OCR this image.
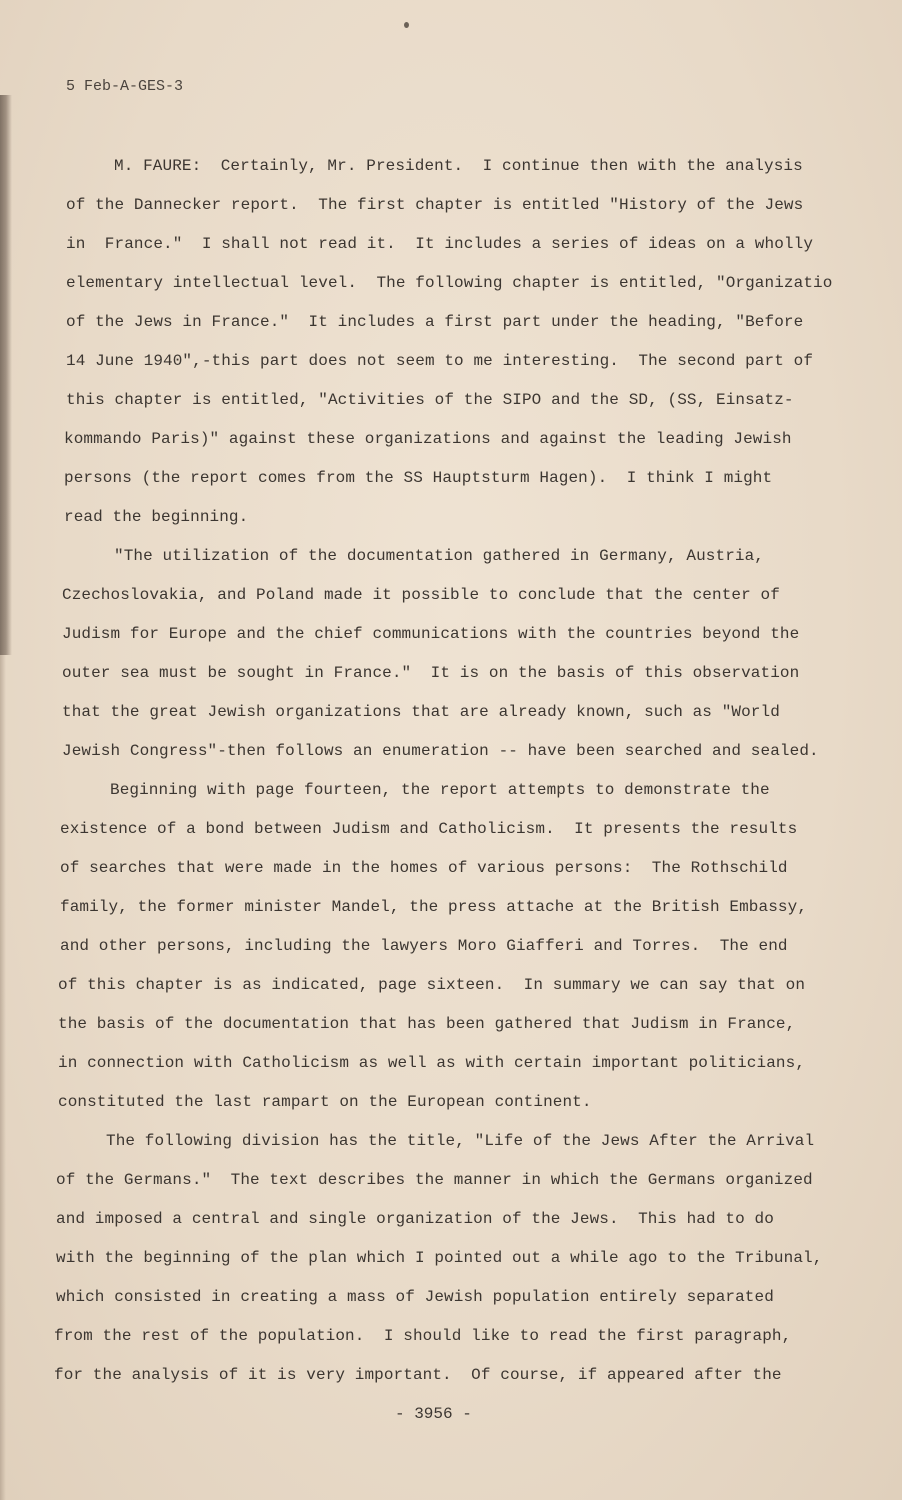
5 Feb-A-GES-3
M. FAURE:  Certainly, Mr. President.  I continue then with the analysis
of the Dannecker report.  The first chapter is entitled "History of the Jews
in  France."  I shall not read it.  It includes a series of ideas on a wholly
elementary intellectual level.  The following chapter is entitled, "Organizatio
of the Jews in France."  It includes a first part under the heading, "Before
14 June 1940",-this part does not seem to me interesting.  The second part of
this chapter is entitled, "Activities of the SIPO and the SD, (SS, Einsatz-
kommando Paris)" against these organizations and against the leading Jewish
persons (the report comes from the SS Hauptsturm Hagen).  I think I might
read the beginning.
"The utilization of the documentation gathered in Germany, Austria,
Czechoslovakia, and Poland made it possible to conclude that the center of
Judism for Europe and the chief communications with the countries beyond the
outer sea must be sought in France."  It is on the basis of this observation
that the great Jewish organizations that are already known, such as "World
Jewish Congress"-then follows an enumeration -- have been searched and sealed.
Beginning with page fourteen, the report attempts to demonstrate the
existence of a bond between Judism and Catholicism.  It presents the results
of searches that were made in the homes of various persons:  The Rothschild
family, the former minister Mandel, the press attache at the British Embassy,
and other persons, including the lawyers Moro Giafferi and Torres.  The end
of this chapter is as indicated, page sixteen.  In summary we can say that on
the basis of the documentation that has been gathered that Judism in France,
in connection with Catholicism as well as with certain important politicians,
constituted the last rampart on the European continent.
The following division has the title, "Life of the Jews After the Arrival
of the Germans."  The text describes the manner in which the Germans organized
and imposed a central and single organization of the Jews.  This had to do
with the beginning of the plan which I pointed out a while ago to the Tribunal,
which consisted in creating a mass of Jewish population entirely separated
from the rest of the population.  I should like to read the first paragraph,
for the analysis of it is very important.  Of course, if appeared after the
- 3956 -
